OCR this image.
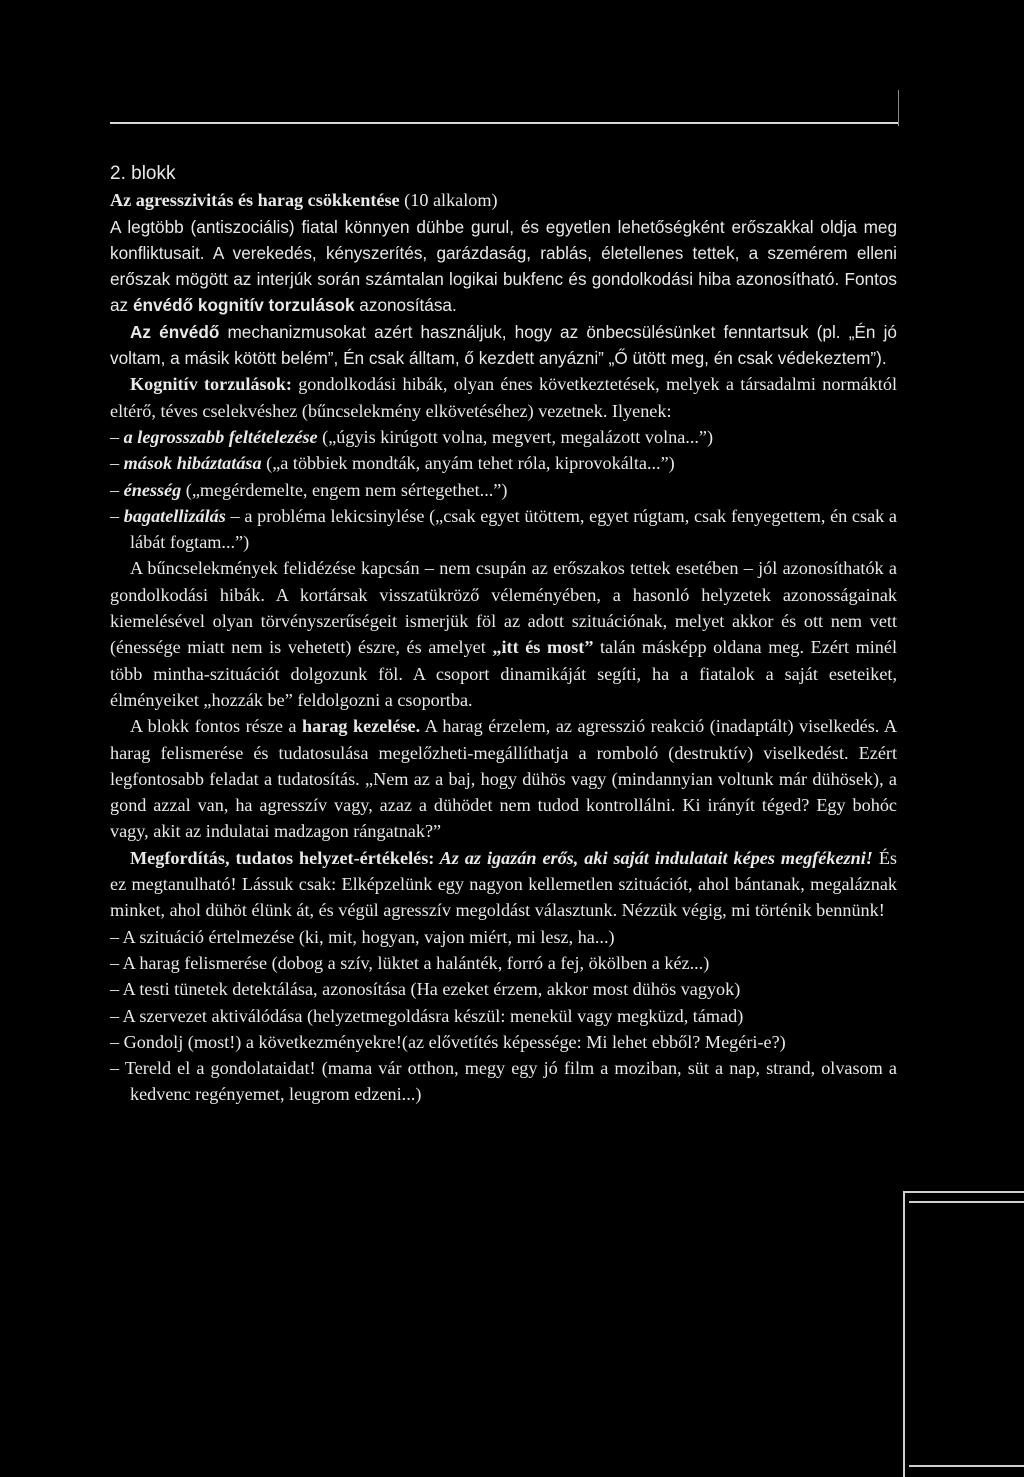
2. blokk

Az agresszivitás és harag csökkentése (10 alkalom)

A legtöbb (antiszociális) fiatal könnyen dühbe gurul, és egyetlen lehetőségként erőszakkal oldja meg konfliktusait. A verekedés, kényszerítés, garázdaság, rablás, életellenes tettek, a szemérem elleni erőszak mögött az interjúk során számtalan logikai bukfenc és gondolkodási hiba azonosítható. Fontos az énvédő kognitív torzulások azonosítása.

Az énvédő mechanizmusokat azért használjuk, hogy az önbecsülésünket fenntartsuk (pl. „Én jó voltam, a másik kötött belém”, Én csak álltam, ő kezdett anyázni” „Ő ütött meg, én csak védekeztem”).

Kognitív torzulások: gondolkodási hibák, olyan énes következtetések, melyek a társadalmi normáktól eltérő, téves cselekvéshez (bűncselekmény elkövetéséhez) vezetnek. Ilyenek:

– a legrosszabb feltételezése („úgyis kirúgott volna, megvert, megalázott volna...”)

– mások hibáztatása („a többiek mondták, anyám tehet róla, kiprovokálta...”)

– énesség („megérdemelte, engem nem sértegethet...”)

– bagatellizálás – a probléma lekicsinylése („csak egyet ütöttem, egyet rúgtam, csak fenyegettem, én csak a lábát fogtam...”)

A bűncselekmények felidézése kapcsán – nem csupán az erőszakos tettek esetében – jól azonosíthatók a gondolkodási hibák. A kortársak visszatükröző véleményében, a hasonló helyzetek azonosságainak kiemelésével olyan törvényszerűségeit ismerjük föl az adott szituációnak, melyet akkor és ott nem vett (énessége miatt nem is vehetett) észre, és amelyet „itt és most” talán másképp oldana meg. Ezért minél több mintha-szituációt dolgozunk föl. A csoport dinamikáját segíti, ha a fiatalok a saját eseteiket, élményeiket „hozzák be” feldolgozni a csoportba.

A blokk fontos része a harag kezelése. A harag érzelem, az agresszió reakció (inadaptált) viselkedés. A harag felismerése és tudatosulása megelőzheti-megállíthatja a romboló (destruktív) viselkedést. Ezért legfontosabb feladat a tudatosítás. „Nem az a baj, hogy dühös vagy (mindannyian voltunk már dühösek), a gond azzal van, ha agresszív vagy, azaz a dühödet nem tudod kontrollálni. Ki irányít téged? Egy bohóc vagy, akit az indulatai madzagon rángatnak?”

Megfordítás, tudatos helyzet-értékelés: Az az igazán erős, aki saját indulatait képes megfékezni! És ez megtanulható! Lássuk csak: Elképzelünk egy nagyon kellemetlen szituációt, ahol bántanak, megaláznak minket, ahol dühöt élünk át, és végül agresszív megoldást választunk. Nézzük végig, mi történik bennünk!

– A szituáció értelmezése (ki, mit, hogyan, vajon miért, mi lesz, ha...)

– A harag felismerése (dobog a szív, lüktet a halánték, forró a fej, ökölben a kéz...)

– A testi tünetek detektálása, azonosítása (Ha ezeket érzem, akkor most dühös vagyok)

– A szervezet aktiválódása (helyzetmegoldásra készül: menekül vagy megküzd, támad)

– Gondolj (most!) a következményekre!(az elővetítés képessége: Mi lehet ebből? Megéri-e?)

– Tereld el a gondolataidat! (mama vár otthon, megy egy jó film a moziban, süt a nap, strand, olvasom a kedvenc regényemet, leugrom edzeni...)
